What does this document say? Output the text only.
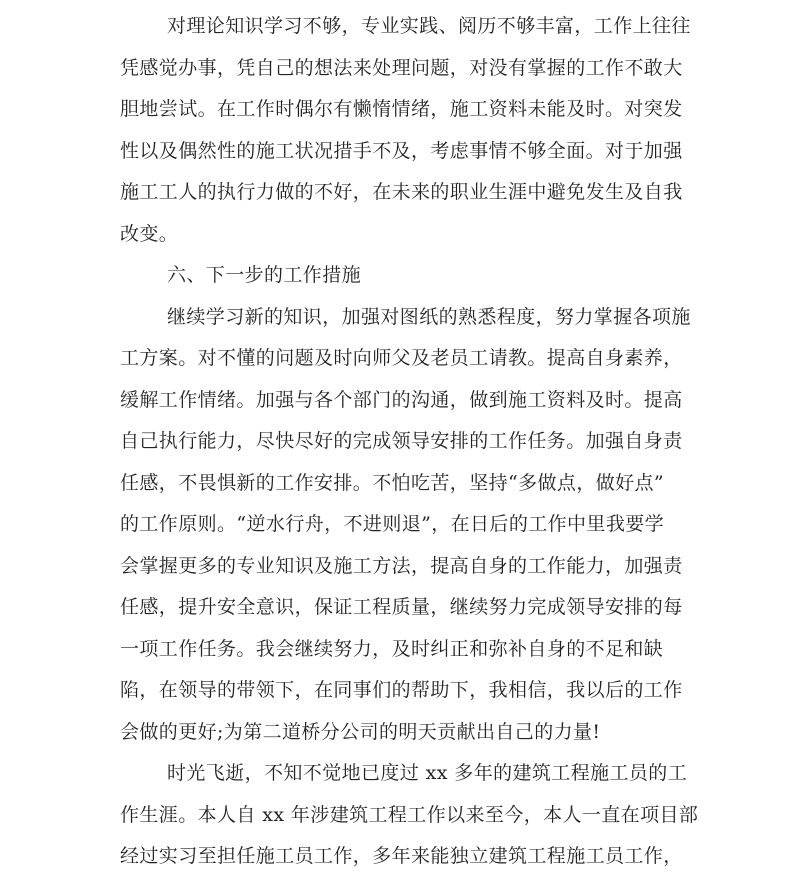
对理论知识学习不够，专业实践、阅历不够丰富，工作上往往
凭感觉办事，凭自己的想法来处理问题，对没有掌握的工作不敢大
胆地尝试。在工作时偶尔有懒惰情绪，施工资料未能及时。对突发
性以及偶然性的施工状况措手不及，考虑事情不够全面。对于加强
施工工人的执行力做的不好，在未来的职业生涯中避免发生及自我
改变。
六、下一步的工作措施
继续学习新的知识，加强对图纸的熟悉程度，努力掌握各项施
工方案。对不懂的问题及时向师父及老员工请教。提高自身素养，
缓解工作情绪。加强与各个部门的沟通，做到施工资料及时。提高
自己执行能力，尽快尽好的完成领导安排的工作任务。加强自身责
任感，不畏惧新的工作安排。不怕吃苦，坚持“多做点，做好点”
的工作原则。“逆水行舟，不进则退”，在日后的工作中里我要学
会掌握更多的专业知识及施工方法，提高自身的工作能力，加强责
任感，提升安全意识，保证工程质量，继续努力完成领导安排的每
一项工作任务。我会继续努力，及时纠正和弥补自身的不足和缺
陷，在领导的带领下，在同事们的帮助下，我相信，我以后的工作
会做的更好;为第二道桥分公司的明天贡献出自己的力量!
时光飞逝，不知不觉地已度过 xx 多年的建筑工程施工员的工
作生涯。本人自 xx 年涉建筑工程工作以来至今，本人一直在项目部
经过实习至担任施工员工作，多年来能独立建筑工程施工员工作，
